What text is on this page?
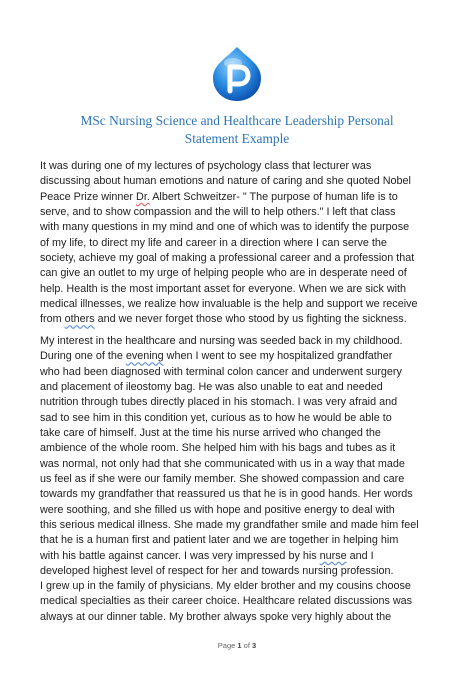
MSc Nursing Science and Healthcare Leadership Personal
Statement Example
It was during one of my lectures of psychology class that lecturer was
discussing about human emotions and nature of caring and she quoted Nobel
Peace Prize winner Dr. Albert Schweitzer- " The purpose of human life is to
serve, and to show compassion and the will to help others." I left that class
with many questions in my mind and one of which was to identify the purpose
of my life, to direct my life and career in a direction where I can serve the
society, achieve my goal of making a professional career and a profession that
can give an outlet to my urge of helping people who are in desperate need of
help. Health is the most important asset for everyone. When we are sick with
medical illnesses, we realize how invaluable is the help and support we receive
from others and we never forget those who stood by us fighting the sickness.
My interest in the healthcare and nursing was seeded back in my childhood.
During one of the evening when I went to see my hospitalized grandfather
who had been diagnosed with terminal colon cancer and underwent surgery
and placement of ileostomy bag. He was also unable to eat and needed
nutrition through tubes directly placed in his stomach. I was very afraid and
sad to see him in this condition yet, curious as to how he would be able to
take care of himself. Just at the time his nurse arrived who changed the
ambience of the whole room. She helped him with his bags and tubes as it
was normal, not only had that she communicated with us in a way that made
us feel as if she were our family member. She showed compassion and care
towards my grandfather that reassured us that he is in good hands. Her words
were soothing, and she filled us with hope and positive energy to deal with
this serious medical illness. She made my grandfather smile and made him feel
that he is a human first and patient later and we are together in helping him
with his battle against cancer. I was very impressed by his nurse and I
developed highest level of respect for her and towards nursing profession.
I grew up in the family of physicians. My elder brother and my cousins choose
medical specialties as their career choice. Healthcare related discussions was
always at our dinner table. My brother always spoke very highly about the
Page 1 of 3
